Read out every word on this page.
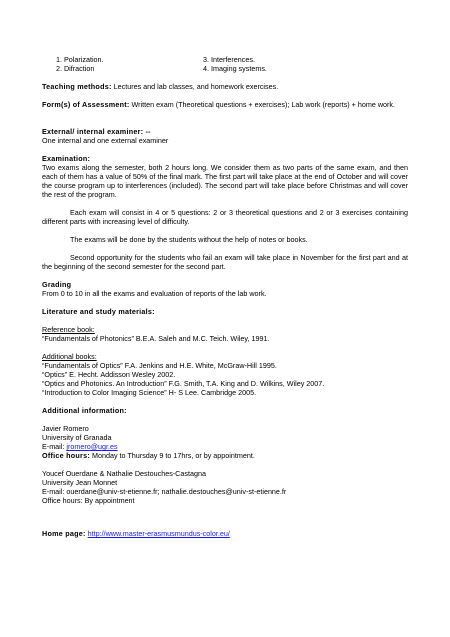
1. Polarization.
2. Difraction
3. Interferences.
4. Imaging systems.
Teaching methods: Lectures and lab classes, and homework exercises.
Form(s) of Assessment: Written exam (Theoretical questions + exercises); Lab work (reports) + home work.
External/ internal examiner: --
One internal and one external examiner
Examination:
Two exams along the semester, both 2 hours long. We consider them as two parts of the same exam, and then each of them has a value of 50% of the final mark. The first part will take place at the end of October and will cover the course program up to interferences (included). The second part will take place before Christmas and will cover the rest of the program.
Each exam will consist in 4 or 5 questions: 2 or 3 theoretical questions and 2 or 3 exercises containing different parts with increasing level of difficulty.
The exams will be done by the students without the help of notes or books.
Second opportunity for the students who fail an exam will take place in November for the first part and at the beginning of the second semester for the second part.
Grading
From 0 to 10 in all the exams and evaluation of reports of the lab work.
Literature and study materials:
Reference book:
“Fundamentals of Photonics” B.E.A. Saleh and M.C. Teich. Wiley, 1991.
Additional books:
“Fundamentals of Optics” F.A. Jenkins and H.E. White, McGraw-Hill 1995.
“Optics” E. Hecht. Addisson Wesley 2002.
“Optics and Photonics. An Introduction” F.G. Smith, T.A. King and D. Wilkins, Wiley 2007.
“Introduction to Color Imaging Science” H- S Lee. Cambridge 2005.
Additional information:
Javier Romero
University of Granada
E-mail: jromero@ugr.es
Office hours: Monday to Thursday 9 to 17hrs, or by appointment.
Youcef Ouerdane & Nathalie Destouches-Castagna
University Jean Monnet
E-mail: ouerdane@univ-st-etienne.fr; nathalie.destouches@univ-st-etienne.fr
Office hours: By appointment
Home page: http://www.master-erasmusmundus-color.eu/
